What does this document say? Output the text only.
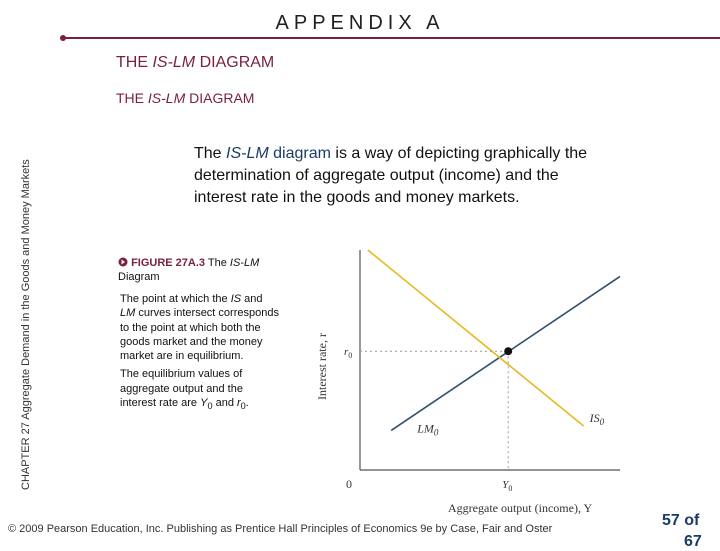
APPENDIX A
THE IS-LM DIAGRAM
THE IS-LM DIAGRAM
CHAPTER 27 Aggregate Demand in the Goods and Money Markets
The IS-LM diagram is a way of depicting graphically the determination of aggregate output (income) and the interest rate in the goods and money markets.
FIGURE 27A.3 The IS-LM Diagram

The point at which the IS and LM curves intersect corresponds to the point at which both the goods market and the money market are in equilibrium.

The equilibrium values of aggregate output and the interest rate are $Y_0$ and $r_0$.

$LM_0$
$IS_0$
Interest rate, r
Aggregate output (income), Y
0
$r_0$
$Y_0$
© 2009 Pearson Education, Inc. Publishing as Prentice Hall Principles of Economics 9e by Case, Fair and Oster	57 of
67
